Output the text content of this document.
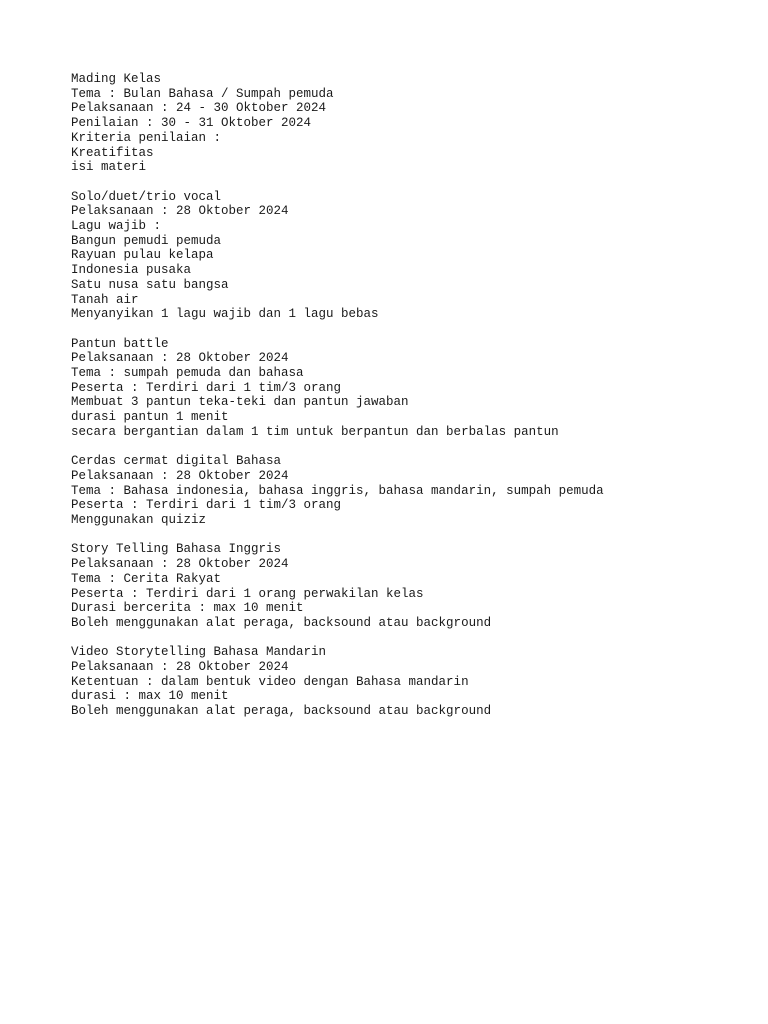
Mading Kelas
Tema : Bulan Bahasa / Sumpah pemuda
Pelaksanaan : 24 - 30 Oktober 2024
Penilaian : 30 - 31 Oktober 2024
Kriteria penilaian :
Kreatifitas
isi materi
Solo/duet/trio vocal
Pelaksanaan : 28 Oktober 2024
Lagu wajib :
Bangun pemudi pemuda
Rayuan pulau kelapa
Indonesia pusaka
Satu nusa satu bangsa
Tanah air
Menyanyikan 1 lagu wajib dan 1 lagu bebas
Pantun battle
Pelaksanaan : 28 Oktober 2024
Tema : sumpah pemuda dan bahasa
Peserta : Terdiri dari 1 tim/3 orang
Membuat 3 pantun teka-teki dan pantun jawaban
durasi pantun 1 menit
secara bergantian dalam 1 tim untuk berpantun dan berbalas pantun
Cerdas cermat digital Bahasa
Pelaksanaan : 28 Oktober 2024
Tema : Bahasa indonesia, bahasa inggris, bahasa mandarin, sumpah pemuda
Peserta : Terdiri dari 1 tim/3 orang
Menggunakan quiziz
Story Telling Bahasa Inggris
Pelaksanaan : 28 Oktober 2024
Tema : Cerita Rakyat
Peserta : Terdiri dari 1 orang perwakilan kelas
Durasi bercerita : max 10 menit
Boleh menggunakan alat peraga, backsound atau background
Video Storytelling Bahasa Mandarin
Pelaksanaan : 28 Oktober 2024
Ketentuan : dalam bentuk video dengan Bahasa mandarin
durasi : max 10 menit
Boleh menggunakan alat peraga, backsound atau background
